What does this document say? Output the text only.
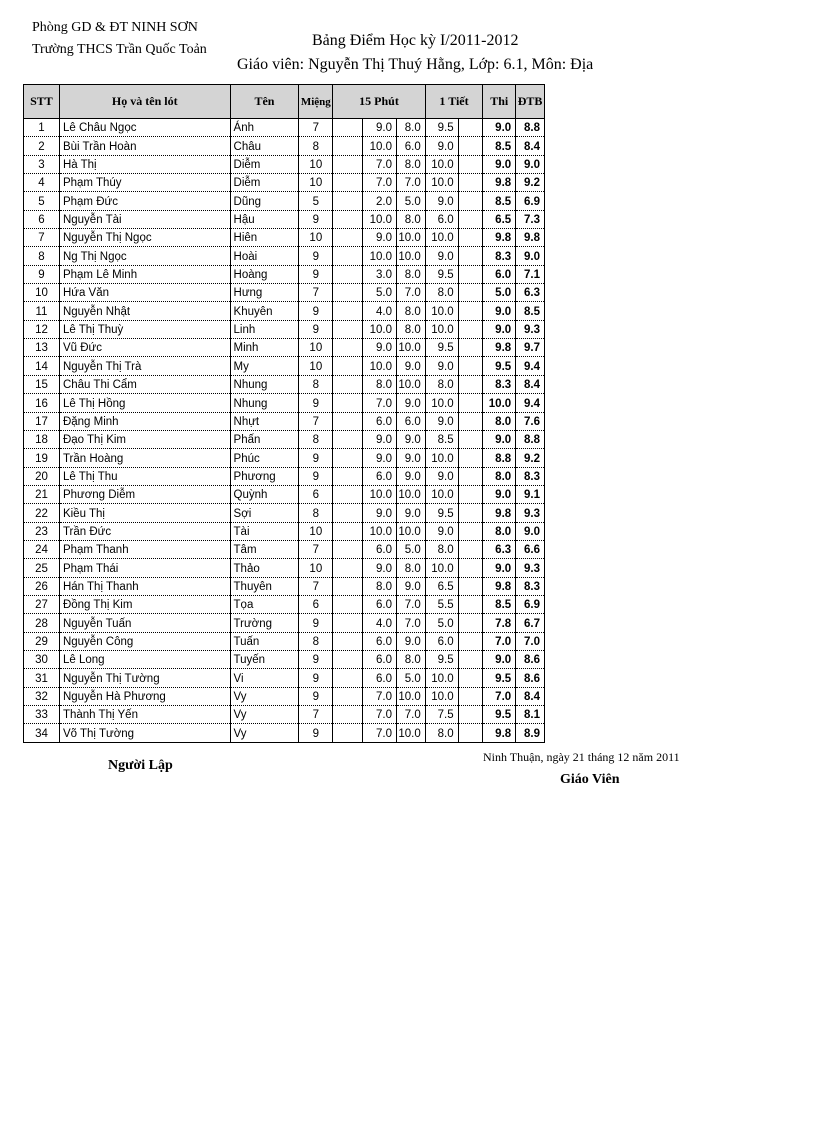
Phòng GD & ĐT NINH SƠN
Trường THCS Trần Quốc Toản
Bảng Điểm Học kỳ I/2011-2012
Giáo viên: Nguyễn Thị Thuý Hằng, Lớp: 6.1, Môn: Địa
STT	Họ và tên lót	Tên	Miệng	15 Phút			1 Tiết		Thi	ĐTB
1	Lê Châu Ngọc	Ánh	7		9.0	8.0	9.5		9.0	8.8
2	Bùi Trần Hoàn	Châu	8		10.0	6.0	9.0		8.5	8.4
3	Hà Thị	Diễm	10		7.0	8.0	10.0		9.0	9.0
4	Phạm Thúy	Diễm	10		7.0	7.0	10.0		9.8	9.2
5	Phạm Đức	Dũng	5		2.0	5.0	9.0		8.5	6.9
6	Nguyễn Tài	Hậu	9		10.0	8.0	6.0		6.5	7.3
7	Nguyễn Thị Ngọc	Hiên	10		9.0	10.0	10.0		9.8	9.8
8	Ng Thị Ngọc	Hoài	9		10.0	10.0	9.0		8.3	9.0
9	Phạm Lê Minh	Hoàng	9		3.0	8.0	9.5		6.0	7.1
10	Hứa Văn	Hưng	7		5.0	7.0	8.0		5.0	6.3
11	Nguyễn Nhật	Khuyên	9		4.0	8.0	10.0		9.0	8.5
12	Lê Thị Thuỳ	Linh	9		10.0	8.0	10.0		9.0	9.3
13	Vũ Đức	Minh	10		9.0	10.0	9.5		9.8	9.7
14	Nguyễn Thị Trà	My	10		10.0	9.0	9.0		9.5	9.4
15	Châu Thi Cẩm	Nhung	8		8.0	10.0	8.0		8.3	8.4
16	Lê Thị Hồng	Nhung	9		7.0	9.0	10.0		10.0	9.4
17	Đặng Minh	Nhựt	7		6.0	6.0	9.0		8.0	7.6
18	Đạo Thị Kim	Phấn	8		9.0	9.0	8.5		9.0	8.8
19	Trần Hoàng	Phúc	9		9.0	9.0	10.0		8.8	9.2
20	Lê Thị Thu	Phương	9		6.0	9.0	9.0		8.0	8.3
21	Phương Diễm	Quỳnh	6		10.0	10.0	10.0		9.0	9.1
22	Kiều Thị	Sợi	8		9.0	9.0	9.5		9.8	9.3
23	Trần Đức	Tài	10		10.0	10.0	9.0		8.0	9.0
24	Phạm Thanh	Tâm	7		6.0	5.0	8.0		6.3	6.6
25	Phạm Thái	Thảo	10		9.0	8.0	10.0		9.0	9.3
26	Hán Thị Thanh	Thuyên	7		8.0	9.0	6.5		9.8	8.3
27	Đồng Thị Kim	Tọa	6		6.0	7.0	5.5		8.5	6.9
28	Nguyễn Tuấn	Trường	9		4.0	7.0	5.0		7.8	6.7
29	Nguyễn Công	Tuấn	8		6.0	9.0	6.0		7.0	7.0
30	Lê Long	Tuyến	9		6.0	8.0	9.5		9.0	8.6
31	Nguyễn Thị Tường	Vi	9		6.0	5.0	10.0		9.5	8.6
32	Nguyễn Hà Phương	Vy	9		7.0	10.0	10.0		7.0	8.4
33	Thành Thị Yến	Vy	7		7.0	7.0	7.5		9.5	8.1
34	Võ Thị Tường	Vy	9		7.0	10.0	8.0		9.8	8.9
Ninh Thuận, ngày 21 tháng 12 năm 2011
Người Lập
Giáo Viên
